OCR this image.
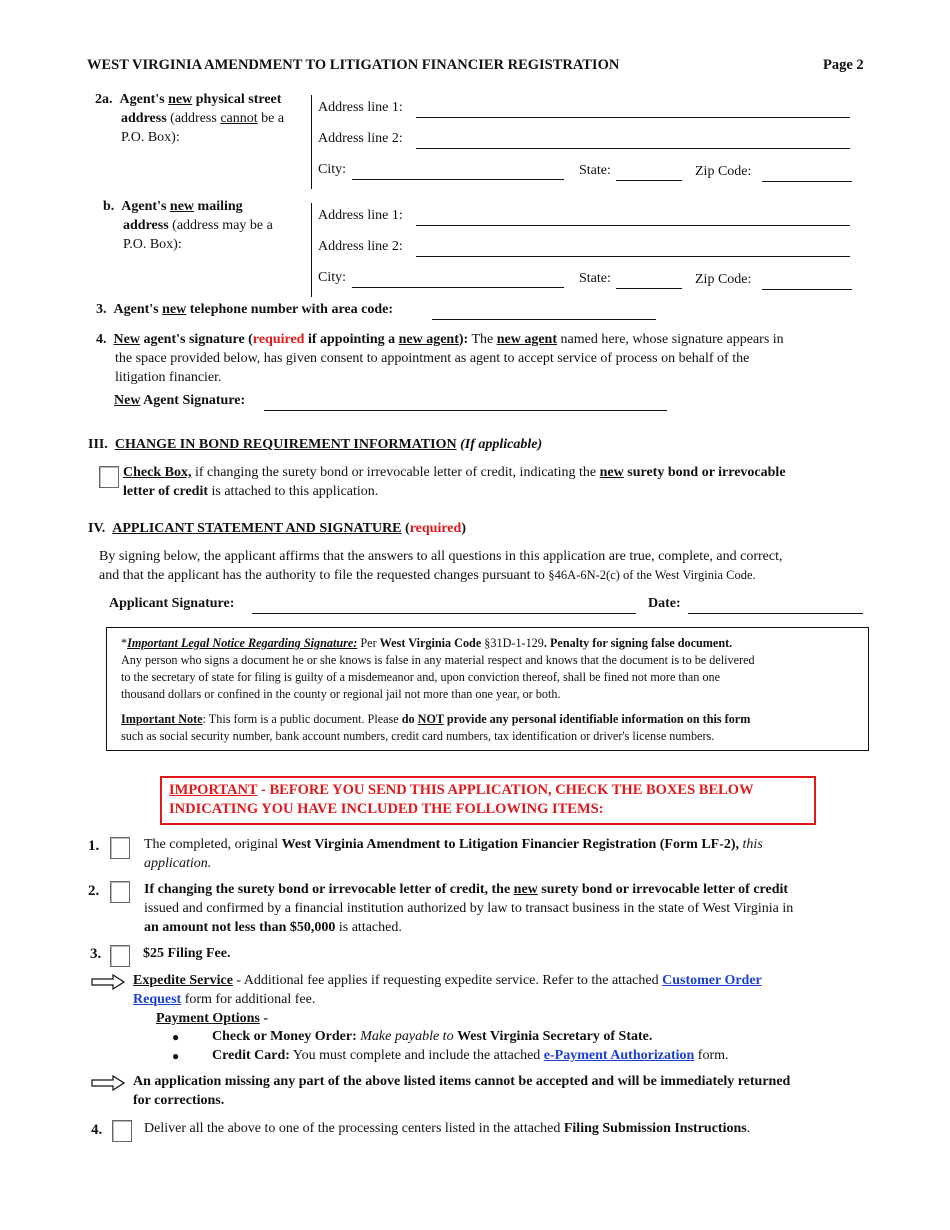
WEST VIRGINIA AMENDMENT TO LITIGATION FINANCIER REGISTRATION	Page 2
2a. Agent's new physical street
address (address cannot be a
P.O. Box):
Address line 1:
Address line 2:
City:	State:	Zip Code:
b. Agent's new mailing
address (address may be a
P.O. Box):
Address line 1:
Address line 2:
City:	State:	Zip Code:
3. Agent's new telephone number with area code:
4. New agent's signature (required if appointing a new agent): The new agent named here, whose signature appears in
the space provided below, has given consent to appointment as agent to accept service of process on behalf of the
litigation financier.
New Agent Signature:
III. CHANGE IN BOND REQUIREMENT INFORMATION (If applicable)
Check Box, if changing the surety bond or irrevocable letter of credit, indicating the new surety bond or irrevocable
letter of credit is attached to this application.
IV. APPLICANT STATEMENT AND SIGNATURE (required)
By signing below, the applicant affirms that the answers to all questions in this application are true, complete, and correct,
and that the applicant has the authority to file the requested changes pursuant to §46A-6N-2(c) of the West Virginia Code.
Applicant Signature:	Date:
*Important Legal Notice Regarding Signature: Per West Virginia Code §31D-1-129. Penalty for signing false document.
Any person who signs a document he or she knows is false in any material respect and knows that the document is to be delivered
to the secretary of state for filing is guilty of a misdemeanor and, upon conviction thereof, shall be fined not more than one
thousand dollars or confined in the county or regional jail not more than one year, or both.
Important Note: This form is a public document. Please do NOT provide any personal identifiable information on this form
such as social security number, bank account numbers, credit card numbers, tax identification or driver's license numbers.
IMPORTANT - BEFORE YOU SEND THIS APPLICATION, CHECK THE BOXES BELOW
INDICATING YOU HAVE INCLUDED THE FOLLOWING ITEMS:
1.	The completed, original West Virginia Amendment to Litigation Financier Registration (Form LF-2), this
application.
2.	If changing the surety bond or irrevocable letter of credit, the new surety bond or irrevocable letter of credit
issued and confirmed by a financial institution authorized by law to transact business in the state of West Virginia in
an amount not less than $50,000 is attached.
3.	$25 Filing Fee.
Expedite Service - Additional fee applies if requesting expedite service. Refer to the attached Customer Order
Request form for additional fee.
Payment Options -
● Check or Money Order: Make payable to West Virginia Secretary of State.
● Credit Card: You must complete and include the attached e-Payment Authorization form.
An application missing any part of the above listed items cannot be accepted and will be immediately returned
for corrections.
4.	Deliver all the above to one of the processing centers listed in the attached Filing Submission Instructions.
